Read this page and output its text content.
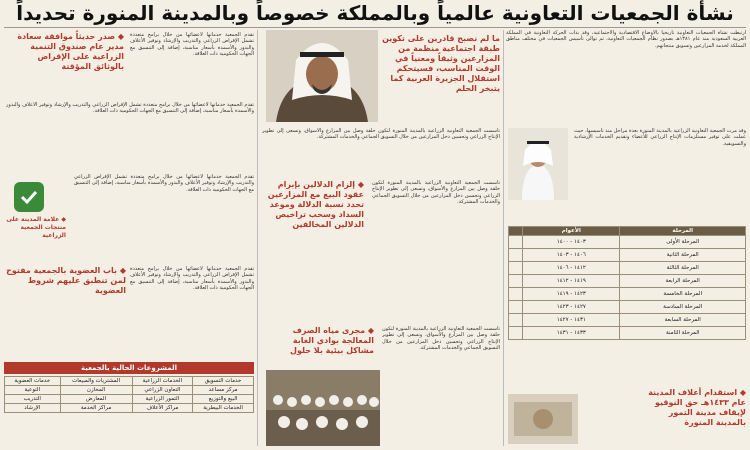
نشأة الجمعيات التعاونية عالمياً وبالمملكة خصوصاً وبالمدينة المنورة تحديداً
ارتبطت نشأة الجمعيات التعاونية تاريخياً بالأوضاع الاقتصادية والاجتماعية، وقد بدأت الحركة التعاونية في المملكة العربية السعودية منذ عام ١٣٨١هـ بصدور نظام الجمعيات التعاونية، ثم توالى تأسيس الجمعيات في مختلف مناطق المملكة لخدمة المزارعين وتسويق منتجاتهم.
وقد مرت الجمعية التعاونية الزراعية بالمدينة المنورة بعدة مراحل منذ تأسيسها، حيث عملت على توفير مستلزمات الإنتاج الزراعي للأعضاء وتقديم الخدمات الإرشادية والتسويقية.
المرحلة	الأعوام	
المرحلة الأولى	١٤٠٣ - ١٤٠٠	
المرحلة الثانية	١٤٠٦ - ١٤٠٣	
المرحلة الثالثة	١٤١٢ - ١٤٠٦	
المرحلة الرابعة	١٤١٩ - ١٤١٢	
المرحلة الخامسة	١٤٢٣ - ١٤١٩	
المرحلة السادسة	١٤٢٧ - ١٤٢٣	
المرحلة السابعة	١٤٣١ - ١٤٢٧	
المرحلة الثامنة	١٤٣٣ - ١٤٣١	
◆ استقدام أعلاف المدينة عام ١٤٣٣هـ حق النوقيو لإيقاف مدينة التمور بالمدينة المنورة
ما لم نصبح قادرين على تكوين طبقة اجتماعية منظمة من المزارعين وثيقاً ومعنياً في الوقت المناسب، فسيتحكم استقلال الجزيرة العربية كما يتبخر الحلم
تأسست الجمعية التعاونية الزراعية بالمدينة المنورة لتكون حلقة وصل بين المزارع والأسواق، وتسعى إلى تطوير الإنتاج الزراعي وتحسين دخل المزارعين من خلال التسويق الجماعي والخدمات المشتركة.
◆ إلزام الدلالين بإبرام عقود البيع مع المزارعين تحدد نسبة الدلالة وموعد السداد وسحب تراخيص الدلالين المخالفين
تأسست الجمعية التعاونية الزراعية بالمدينة المنورة لتكون حلقة وصل بين المزارع والأسواق، وتسعى إلى تطوير الإنتاج الزراعي وتحسين دخل المزارعين من خلال التسويق الجماعي والخدمات المشتركة.
◆ مجرى مياه الصرف المعالجة بوادي الغابة مشاكل بيئية بلا حلول
تأسست الجمعية التعاونية الزراعية بالمدينة المنورة لتكون حلقة وصل بين المزارع والأسواق، وتسعى إلى تطوير الإنتاج الزراعي وتحسين دخل المزارعين من خلال التسويق الجماعي والخدمات المشتركة.
◆ صدر حديثاً موافقة سعادة مدير عام صندوق التنمية الزراعية على الإقراض بالوثائق المؤقتة
تقدم الجمعية خدماتها لأعضائها من خلال برامج متعددة تشمل الإقراض الزراعي والتدريب والإرشاد وتوفير الأعلاف والبذور والأسمدة بأسعار مناسبة، إضافة إلى التنسيق مع الجهات الحكومية ذات العلاقة.
تقدم الجمعية خدماتها لأعضائها من خلال برامج متعددة تشمل الإقراض الزراعي والتدريب والإرشاد وتوفير الأعلاف والبذور والأسمدة بأسعار مناسبة، إضافة إلى التنسيق مع الجهات الحكومية ذات العلاقة.
◆ علامة المدينة على منتجات الجمعية الزراعية
تقدم الجمعية خدماتها لأعضائها من خلال برامج متعددة تشمل الإقراض الزراعي والتدريب والإرشاد وتوفير الأعلاف والبذور والأسمدة بأسعار مناسبة، إضافة إلى التنسيق مع الجهات الحكومية ذات العلاقة.
◆ باب العضوية بالجمعية مفتوح لمن تنطبق عليهم شروط العضوية
تقدم الجمعية خدماتها لأعضائها من خلال برامج متعددة تشمل الإقراض الزراعي والتدريب والإرشاد وتوفير الأعلاف والبذور والأسمدة بأسعار مناسبة، إضافة إلى التنسيق مع الجهات الحكومية ذات العلاقة.
المشروعات الحالية بالجمعية
خدمات التسويق	الخدمات الزراعية	المشتريات والمبيعات	خدمات العضوية
مركز مساعد	التعاون الزراعي	المخازن	التوعية
البيع والتوزيع	التمور الزراعية	المعارض	التدريب
الخدمات البيطرية	مراكز الأعلاف	مراكز الخدمة	الإرشاد
